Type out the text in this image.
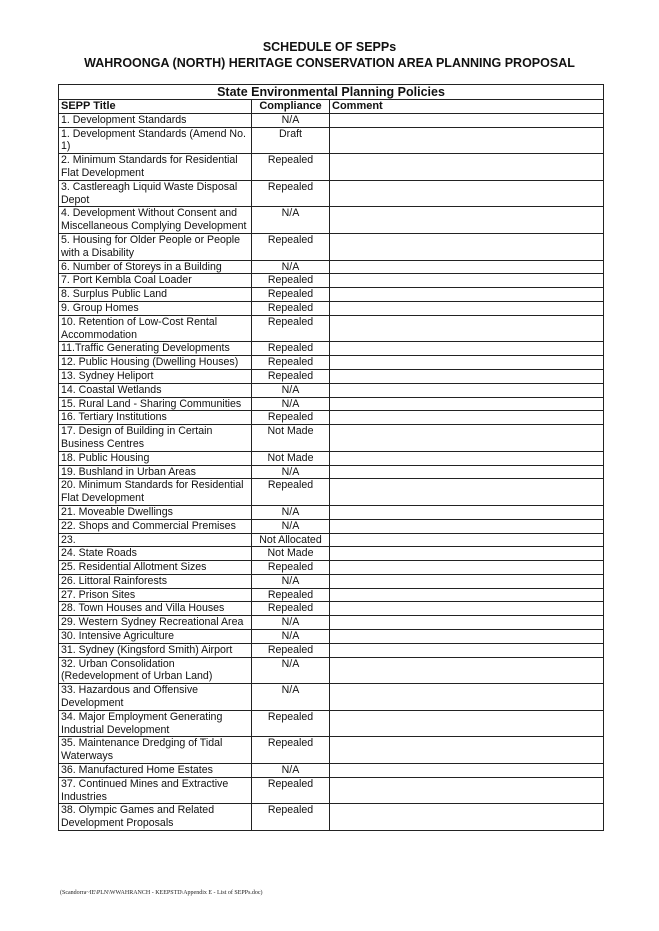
SCHEDULE OF SEPPs
WAHROONGA (NORTH) HERITAGE CONSERVATION AREA PLANNING PROPOSAL
State Environmental Planning Policies		
SEPP Title	Compliance	Comment
1. Development Standards	N/A	
1. Development Standards (Amend No. 1)	Draft	
2. Minimum Standards for Residential Flat Development	Repealed	
3. Castlereagh Liquid Waste Disposal Depot	Repealed	
4. Development Without Consent and Miscellaneous Complying Development	N/A	
5. Housing for Older People or People with a Disability	Repealed	
6. Number of Storeys in a Building	N/A	
7. Port Kembla Coal Loader	Repealed	
8. Surplus Public Land	Repealed	
9. Group Homes	Repealed	
10. Retention of Low-Cost Rental Accommodation	Repealed	
11.Traffic Generating Developments	Repealed	
12. Public Housing (Dwelling Houses)	Repealed	
13. Sydney Heliport	Repealed	
14. Coastal Wetlands	N/A	
15. Rural Land - Sharing Communities	N/A	
16. Tertiary Institutions	Repealed	
17. Design of Building in Certain Business Centres	Not Made	
18. Public Housing	Not Made	
19. Bushland in Urban Areas	N/A	
20. Minimum Standards for Residential Flat Development	Repealed	
21. Moveable Dwellings	N/A	
22. Shops and Commercial Premises	N/A	
23.	Not Allocated	
24. State Roads	Not Made	
25. Residential Allotment Sizes	Repealed	
26. Littoral Rainforests	N/A	
27. Prison Sites	Repealed	
28. Town Houses and Villa Houses	Repealed	
29. Western Sydney Recreational Area	N/A	
30. Intensive Agriculture	N/A	
31. Sydney (Kingsford Smith) Airport	Repealed	
32. Urban Consolidation (Redevelopment of Urban Land)	N/A	
33. Hazardous and Offensive Development	N/A	
34. Major Employment Generating Industrial Development	Repealed	
35. Maintenance Dredging of Tidal Waterways	Repealed	
36. Manufactured Home Estates	N/A	
37. Continued Mines and Extractive Industries	Repealed	
38. Olympic Games and Related Development Proposals	Repealed	
(Scandorra~IE\PLN\WWAHRANCH - KEEPSTD\Appendix E - List of SEPPs.doc)
